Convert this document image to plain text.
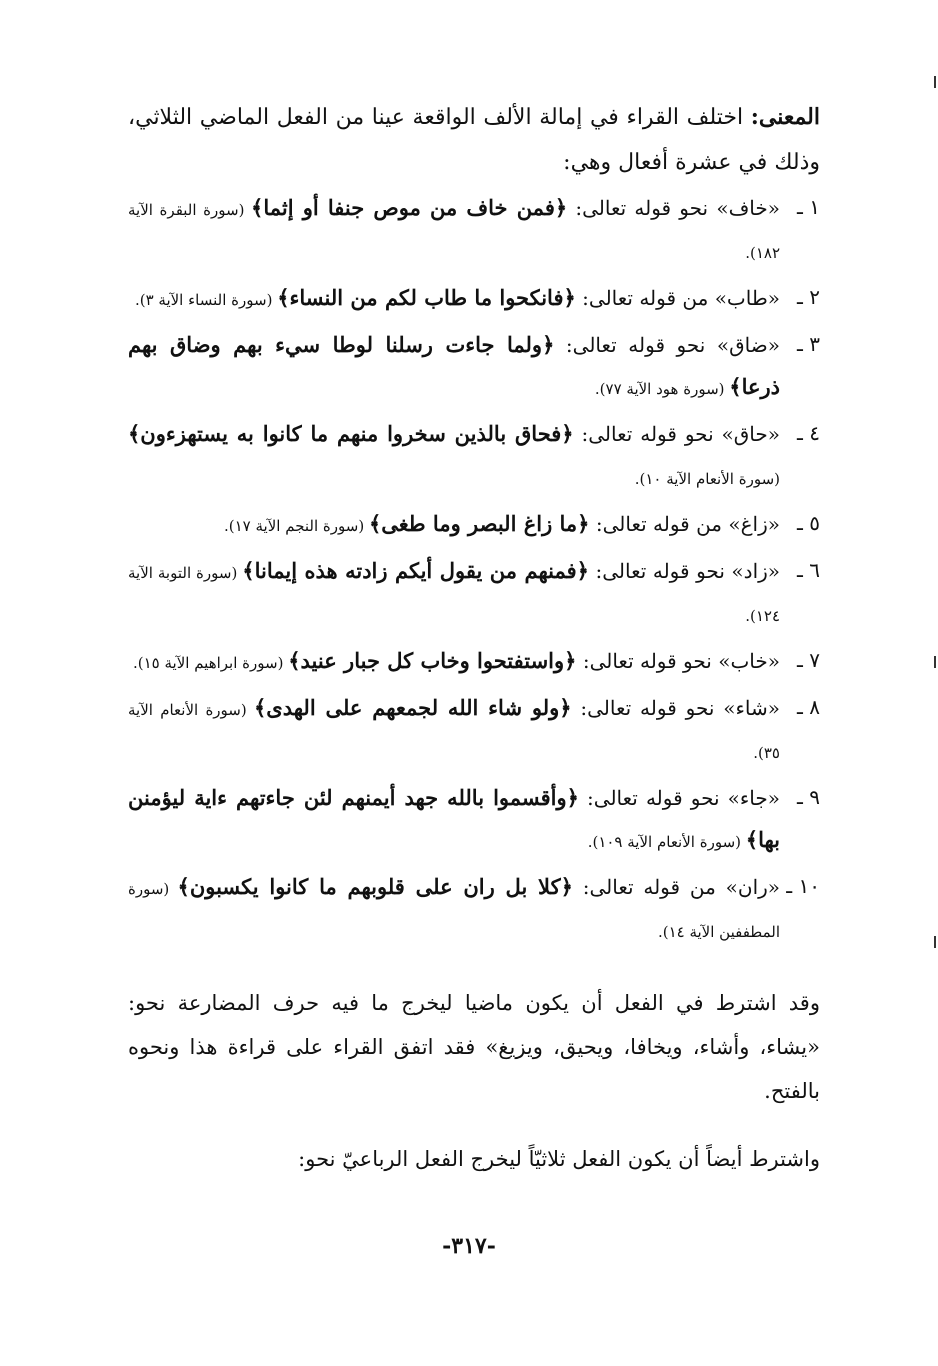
المعنى: اختلف القراء في إمالة الألف الواقعة عينا من الفعل الماضي الثلاثي، وذلك في عشرة أفعال وهي:

١ ـ
«خاف» نحو قوله تعالى: ﴿فمن خاف من موص جنفا أو إثما﴾ (سورة البقرة الآية ١٨٢).
٢ ـ
«طاب» من قوله تعالى: ﴿فانكحوا ما طاب لكم من النساء﴾ (سورة النساء الآية ٣).
٣ ـ
«ضاق» نحو قوله تعالى: ﴿ولما جاءت رسلنا لوطا سيء بهم وضاق بهم ذرعا﴾ (سورة هود الآية ٧٧).
٤ ـ
«حاق» نحو قوله تعالى: ﴿فحاق بالذين سخروا منهم ما كانوا به يستهزءون﴾ (سورة الأنعام الآية ١٠).
٥ ـ
«زاغ» من قوله تعالى: ﴿ما زاغ البصر وما طغى﴾ (سورة النجم الآية ١٧).
٦ ـ
«زاد» نحو قوله تعالى: ﴿فمنهم من يقول أيكم زادته هذه إيمانا﴾ (سورة التوبة الآية ١٢٤).
٧ ـ
«خاب» نحو قوله تعالى: ﴿واستفتحوا وخاب كل جبار عنيد﴾ (سورة ابراهيم الآية ١٥).
٨ ـ
«شاء» نحو قوله تعالى: ﴿ولو شاء الله لجمعهم على الهدى﴾ (سورة الأنعام الآية ٣٥).
٩ ـ
«جاء» نحو قوله تعالى: ﴿وأقسموا بالله جهد أيمنهم لئن جاءتهم ءاية ليؤمنن بها﴾ (سورة الأنعام الآية ١٠٩).
١٠ ـ
«ران» من قوله تعالى: ﴿كلا بل ران على قلوبهم ما كانوا يكسبون﴾ (سورة المطففين الآية ١٤).

وقد اشترط في الفعل أن يكون ماضيا ليخرج ما فيه حرف المضارعة نحو: «يشاء، وأشاء، ويخافا، ويحيق، ويزيغ» فقد اتفق القراء على قراءة هذا ونحوه بالفتح.

واشترط أيضاً أن يكون الفعل ثلاثيّاً ليخرج الفعل الرباعيّ نحو:

-٣١٧-
